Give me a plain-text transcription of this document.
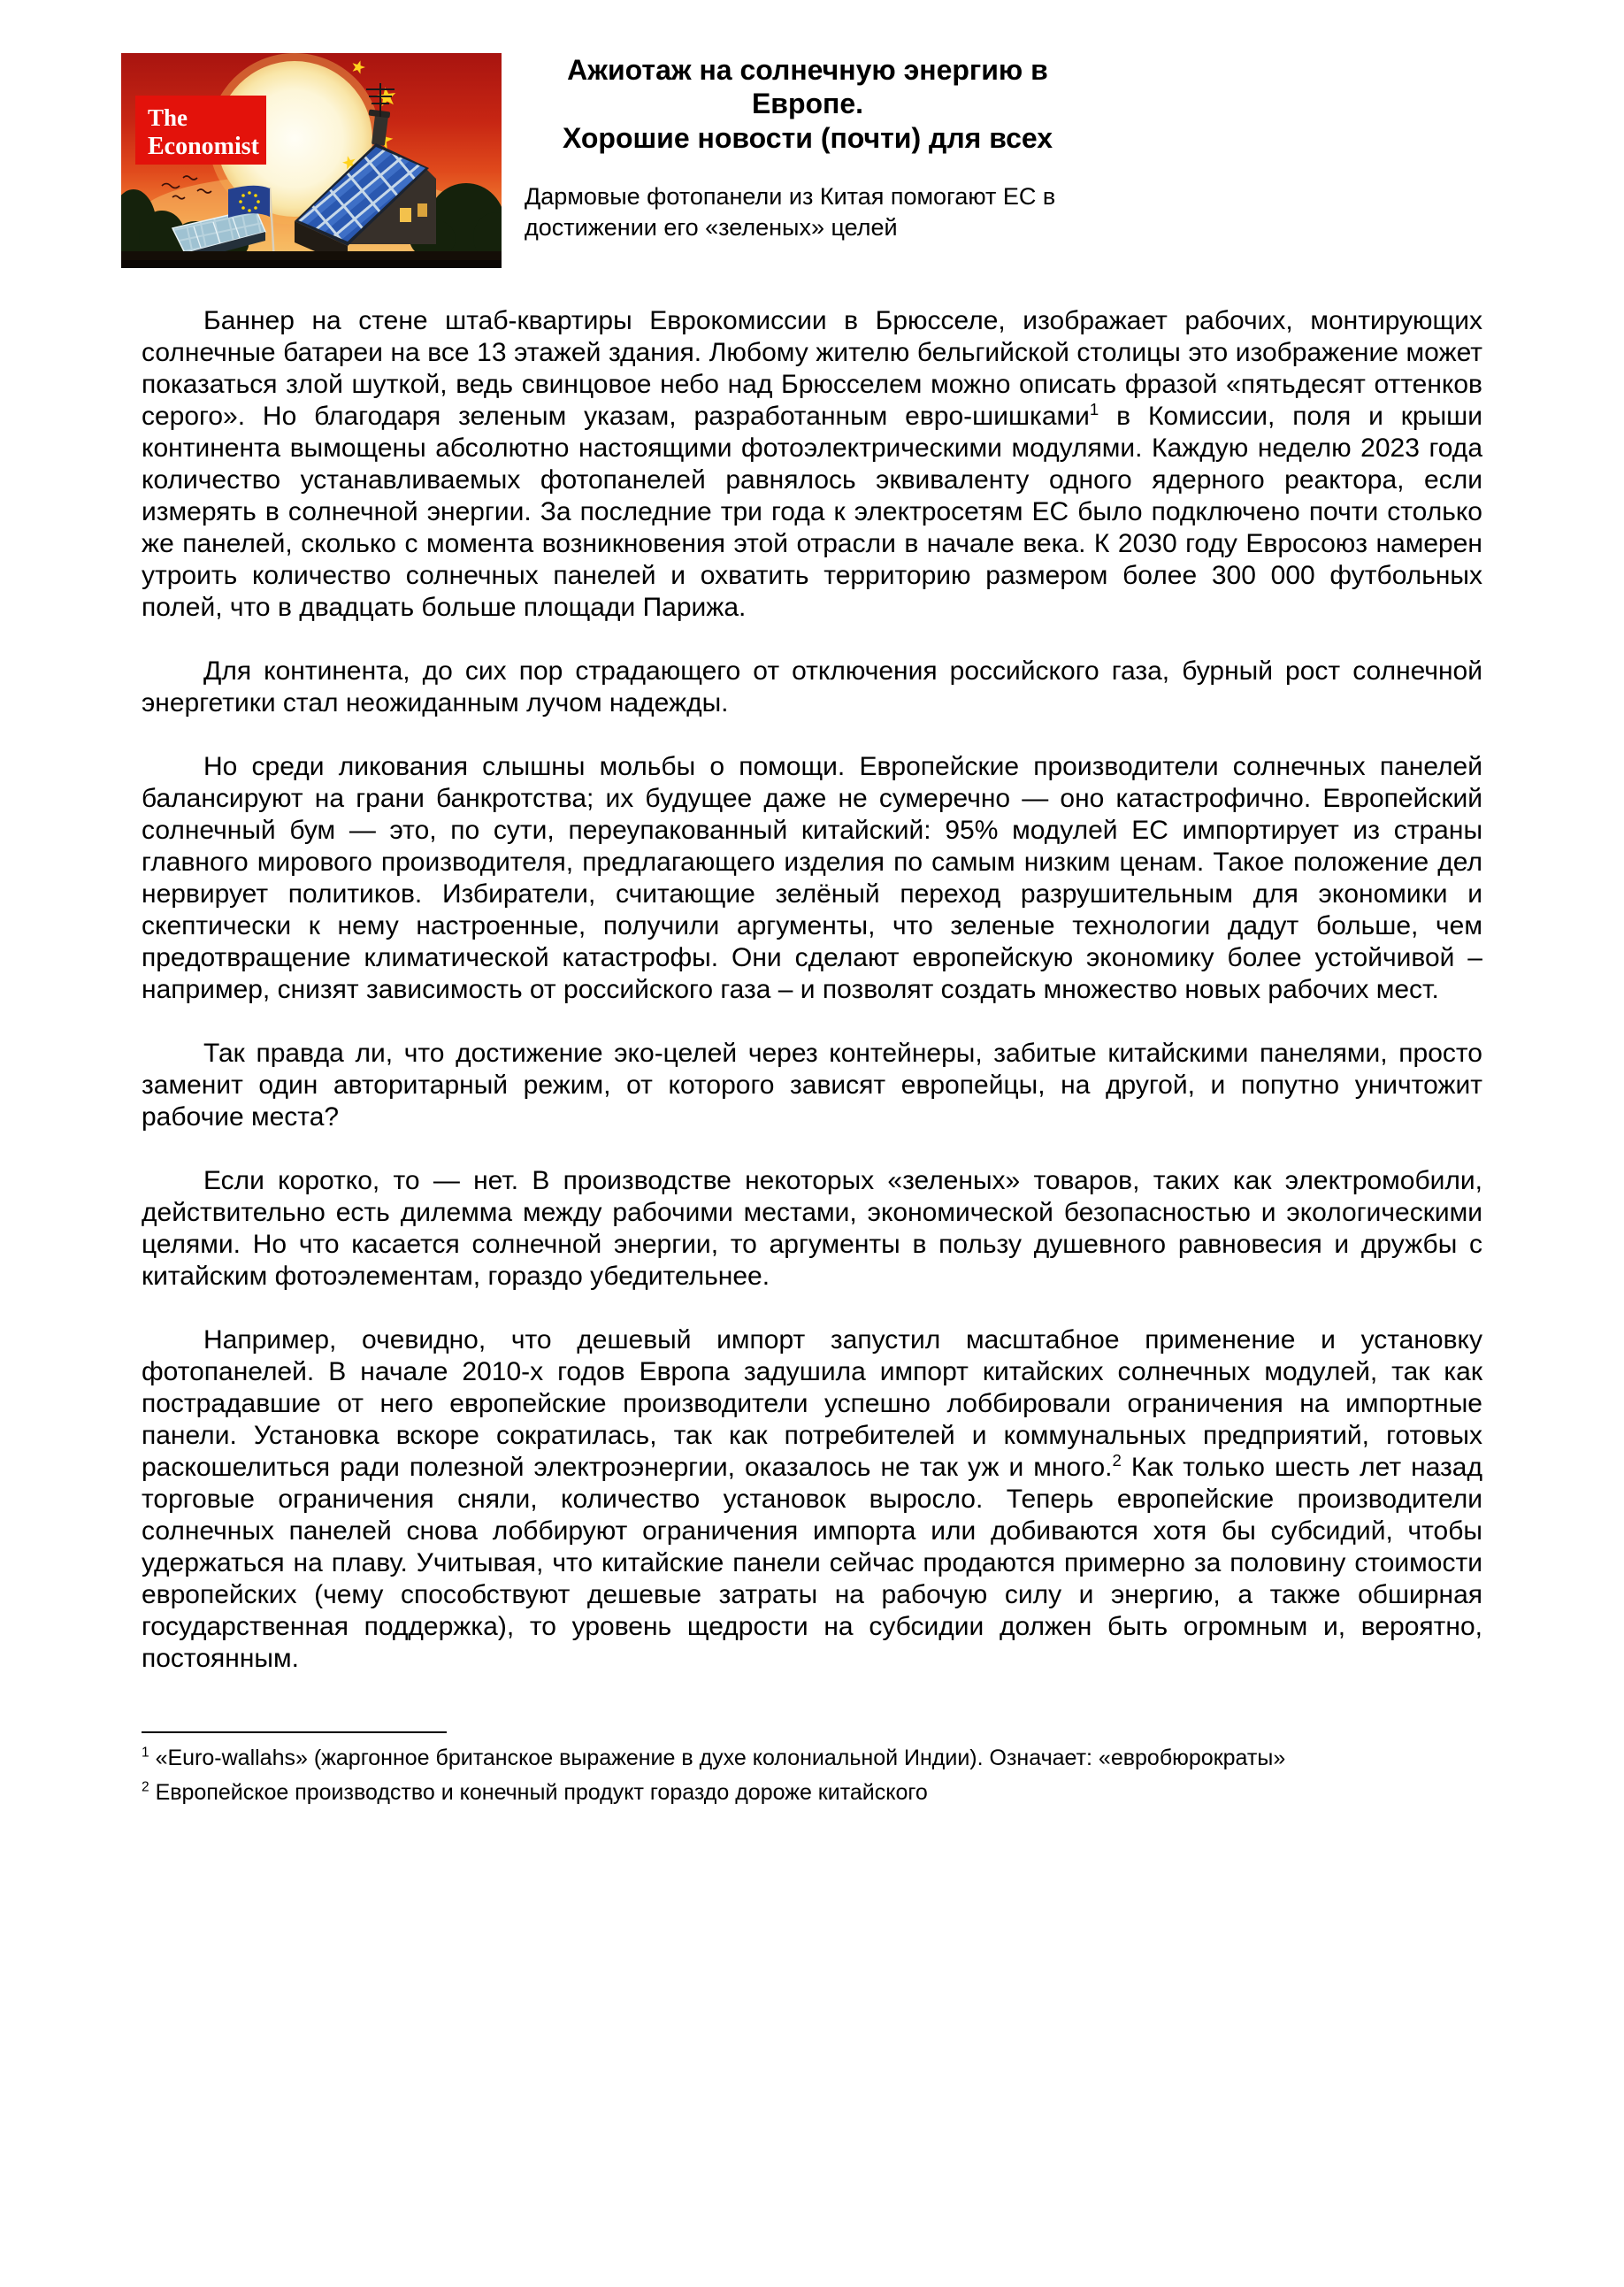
The
Economist
Ажиотаж на солнечную энергию в Европе.
Хорошие новости (почти) для всех

Дармовые фотопанели из Китая помогают ЕС в достижении его «зеленых» целей

Баннер на стене штаб-квартиры Еврокомиссии в Брюсселе, изображает рабочих, монтирующих солнечные батареи на все 13 этажей здания. Любому жителю бельгийской столицы это изображение может показаться злой шуткой, ведь свинцовое небо над Брюсселем можно описать фразой «пятьдесят оттенков серого». Но благодаря зеленым указам, разработанным евро-шишками$^1$ в Комиссии, поля и крыши континента вымощены абсолютно настоящими фотоэлектрическими модулями. Каждую неделю 2023 года количество устанавливаемых фотопанелей равнялось эквиваленту одного ядерного реактора, если измерять в солнечной энергии. За последние три года к электросетям ЕС было подключено почти столько же панелей, сколько с момента возникновения этой отрасли в начале века. К 2030 году Евросоюз намерен утроить количество солнечных панелей и охватить территорию размером более 300 000 футбольных полей, что в двадцать больше площади Парижа.

Для континента, до сих пор страдающего от отключения российского газа, бурный рост солнечной энергетики стал неожиданным лучом надежды.

Но среди ликования слышны мольбы о помощи. Европейские производители солнечных панелей балансируют на грани банкротства; их будущее даже не сумеречно — оно катастрофично. Европейский солнечный бум — это, по сути, переупакованный китайский: 95% модулей ЕС импортирует из страны главного мирового производителя, предлагающего изделия по самым низким ценам. Такое положение дел нервирует политиков. Избиратели, считающие зелёный переход разрушительным для экономики и скептически к нему настроенные, получили аргументы, что зеленые технологии дадут больше, чем предотвращение климатической катастрофы. Они сделают европейскую экономику более устойчивой – например, снизят зависимость от российского газа – и позволят создать множество новых рабочих мест.

Так правда ли, что достижение эко-целей через контейнеры, забитые китайскими панелями, просто заменит один авторитарный режим, от которого зависят европейцы, на другой, и попутно уничтожит рабочие места?

Если коротко, то — нет. В производстве некоторых «зеленых» товаров, таких как электромобили, действительно есть дилемма между рабочими местами, экономической безопасностью и экологическими целями. Но что касается солнечной энергии, то аргументы в пользу душевного равновесия и дружбы с китайским фотоэлементам, гораздо убедительнее.

Например, очевидно, что дешевый импорт запустил масштабное применение и установку фотопанелей. В начале 2010-х годов Европа задушила импорт китайских солнечных модулей, так как пострадавшие от него европейские производители успешно лоббировали ограничения на импортные панели. Установка вскоре сократилась, так как потребителей и коммунальных предприятий, готовых раскошелиться ради полезной электроэнергии, оказалось не так уж и много.$^2$ Как только шесть лет назад торговые ограничения сняли, количество установок выросло. Теперь европейские производители солнечных панелей снова лоббируют ограничения импорта или добиваются хотя бы субсидий, чтобы удержаться на плаву. Учитывая, что китайские панели сейчас продаются примерно за половину стоимости европейских (чему способствуют дешевые затраты на рабочую силу и энергию, а также обширная государственная поддержка), то уровень щедрости на субсидии должен быть огромным и, вероятно, постоянным.

$^1$ «Euro-wallahs» (жаргонное британское выражение в духе колониальной Индии). Означает: «евробюрократы»

$^2$ Европейское производство и конечный продукт гораздо дороже китайского
